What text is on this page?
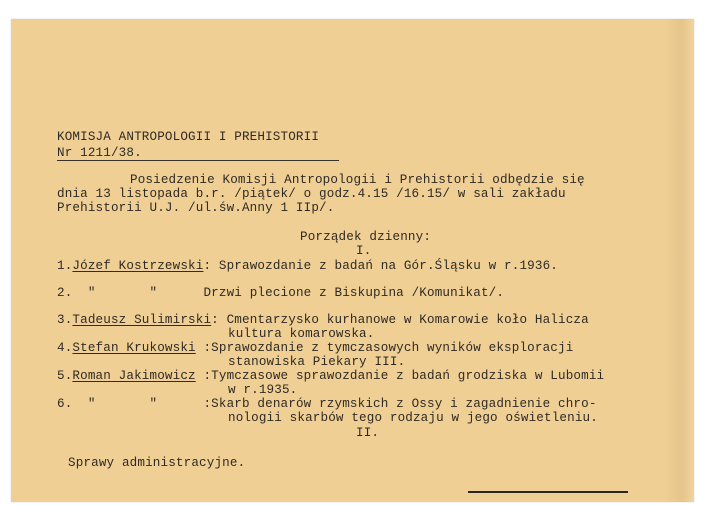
KOMISJA ANTROPOLOGII I PREHISTORII
Nr 1211/38.
Posiedzenie Komisji Antropologii i Prehistorii odbędzie się
dnia 13 listopada b.r. /piątek/ o godz.4.15 /16.15/ w sali zakładu
Prehistorii U.J. /ul.św.Anny 1 IIp/.
Porządek dzienny:
I.
1.Józef Kostrzewski: Sprawozdanie z badań na Gór.Śląsku w r.1936.
2.  "       "      Drzwi plecione z Biskupina /Komunikat/.
3.Tadeusz Sulimirski: Cmentarzysko kurhanowe w Komarowie koło Halicza
kultura komarowska.
4.Stefan Krukowski :Sprawozdanie z tymczasowych wyników eksploracji
stanowiska Piekary III.
5.Roman Jakimowicz :Tymczasowe sprawozdanie z badań grodziska w Lubomii
w r.1935.
6.  "       "      :Skarb denarów rzymskich z Ossy i zagadnienie chro-
nologii skarbów tego rodzaju w jego oświetleniu.
II.
Sprawy administracyjne.
